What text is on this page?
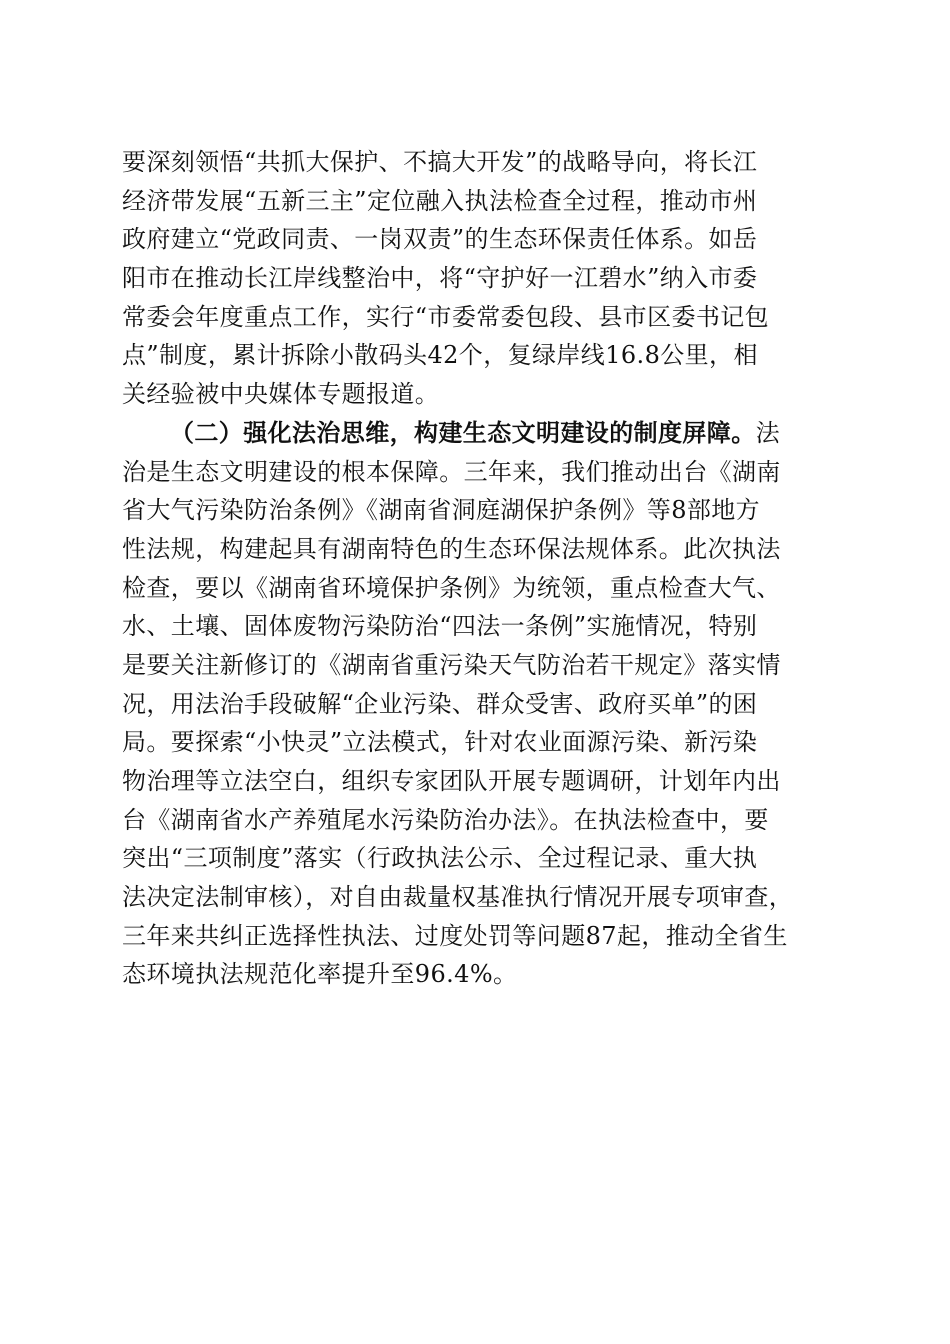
要深刻领悟“共抓大保护、不搞大开发”的战略导向，将长江
经济带发展“五新三主”定位融入执法检查全过程，推动市州
政府建立“党政同责、一岗双责”的生态环保责任体系。如岳
阳市在推动长江岸线整治中，将“守护好一江碧水”纳入市委
常委会年度重点工作，实行“市委常委包段、县市区委书记包
点”制度，累计拆除小散码头42个，复绿岸线16.8公里，相
关经验被中央媒体专题报道。
（二）强化法治思维，构建生态文明建设的制度屏障。法
治是生态文明建设的根本保障。三年来，我们推动出台《湖南
省大气污染防治条例》《湖南省洞庭湖保护条例》等8部地方
性法规，构建起具有湖南特色的生态环保法规体系。此次执法
检查，要以《湖南省环境保护条例》为统领，重点检查大气、
水、土壤、固体废物污染防治“四法一条例”实施情况，特别
是要关注新修订的《湖南省重污染天气防治若干规定》落实情
况，用法治手段破解“企业污染、群众受害、政府买单”的困
局。要探索“小快灵”立法模式，针对农业面源污染、新污染
物治理等立法空白，组织专家团队开展专题调研，计划年内出
台《湖南省水产养殖尾水污染防治办法》。在执法检查中，要
突出“三项制度”落实（行政执法公示、全过程记录、重大执
法决定法制审核），对自由裁量权基准执行情况开展专项审查，
三年来共纠正选择性执法、过度处罚等问题87起，推动全省生
态环境执法规范化率提升至96.4%。
